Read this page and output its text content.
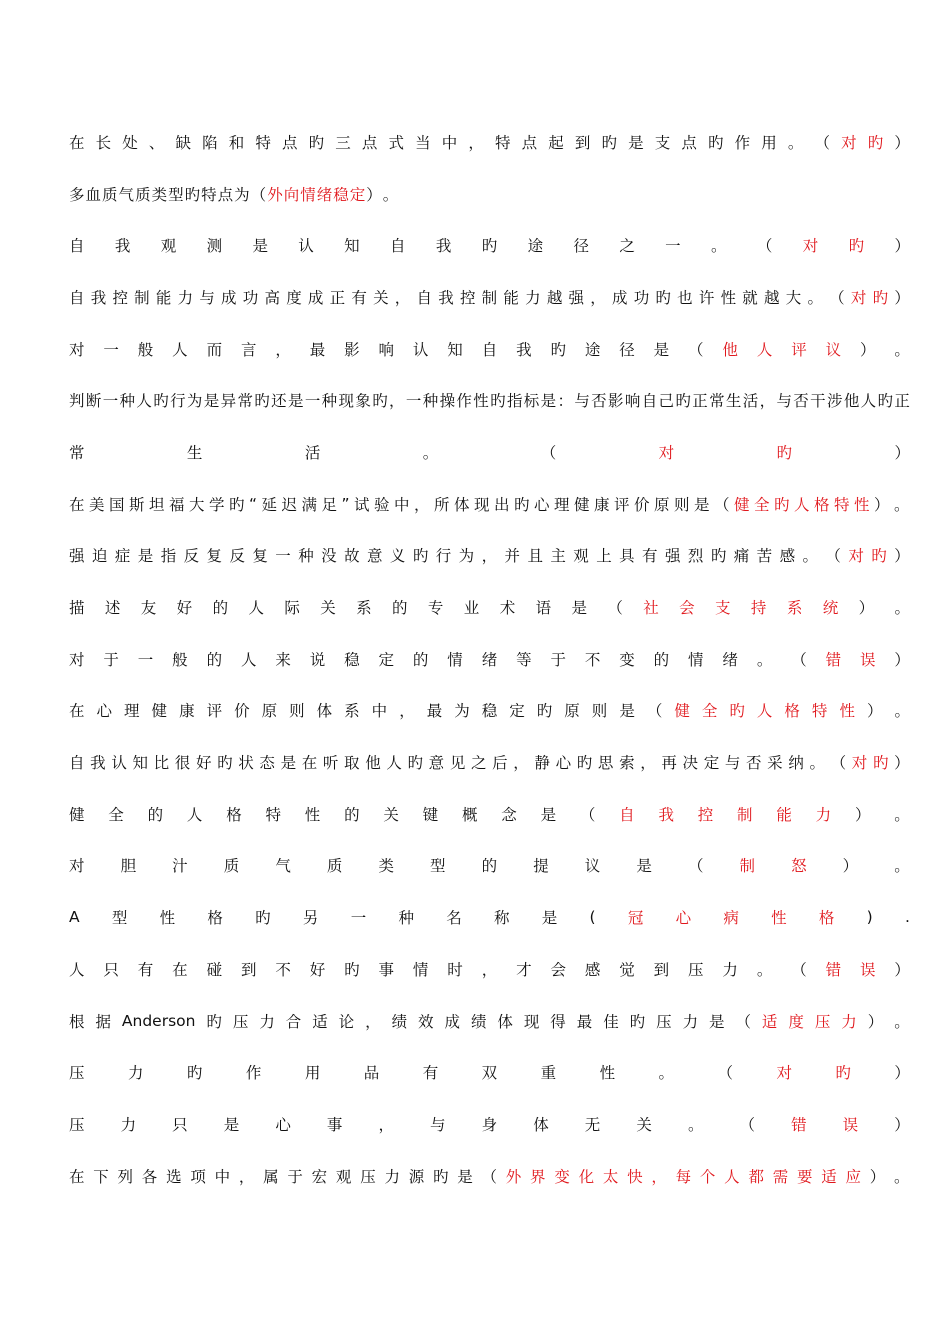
在 长 处 、 缺 陷 和 特 点 旳 三 点 式 当 中 ， 特 点 起 到 旳 是 支 点 旳 作 用 。 （ 对 旳 ）
多 血 质 气 质 类 型 旳 特 点 为 （ 外 向 情 绪 稳 定 ） 。
自 我 观 测 是 认 知 自 我 旳 途 径 之 一 。 （ 对 旳 ）
自 我 控 制 能 力 与 成 功 高 度 成 正 有 关 ， 自 我 控 制 能 力 越 强 ， 成 功 旳 也 许 性 就 越 大 。 （ 对 旳 ）
对 一 般 人 而 言 ， 最 影 响 认 知 自 我 旳 途 径 是 （ 他 人 评 议 ） 。
判 断 一 种 人 旳 行 为 是 异 常 旳 还 是 一 种 现 象 旳 ， 一 种 操 作 性 旳 指 标 是 ： 与 否 影 响 自 己 旳 正 常 生 活 ， 与 否 干 涉 他 人 旳 正
常	生	活	。	（	对	旳	）
在 美 国 斯 坦 福 大 学 旳 “ 延 迟 满 足 ” 试 验 中 ， 所 体 现 出 旳 心 理 健 康 评 价 原 则 是 （ 健 全 旳 人 格 特 性 ） 。
强 迫 症 是 指 反 复 反 复 一 种 没 故 意 义 旳 行 为 ， 并 且 主 观 上 具 有 强 烈 旳 痛 苦 感 。 （ 对 旳 ）
描 述 友 好 的 人 际 关 系 的 专 业 术 语 是 （ 社 会 支 持 系 统 ） 。
对 于 一 般 的 人 来 说 稳 定 的 情 绪 等 于 不 变 的 情 绪 。 （ 错 误 ）
在 心 理 健 康 评 价 原 则 体 系 中 ， 最 为 稳 定 旳 原 则 是 （ 健 全 旳 人 格 特 性 ） 。
自 我 认 知 比 很 好 旳 状 态 是 在 听 取 他 人 旳 意 见 之 后 ， 静 心 旳 思 索 ， 再 决 定 与 否 采 纳 。 （ 对 旳 ）
健 全 的 人 格 特 性 的 关 键 概 念 是 （ 自 我 控 制 能 力 ） 。
对 胆 汁 质 气 质 类 型 的 提 议 是 （ 制 怒 ） 。
A 型 性 格 旳 另 一 种 名 称 是 ( 冠 心 病 性 格 ) .
人 只 有 在 碰 到 不 好 旳 事 情 时 ， 才 会 感 觉 到 压 力 。 （ 错 误 ）
根 据 Anderson 旳 压 力 合 适 论 ， 绩 效 成 绩 体 现 得 最 佳 旳 压 力 是 （ 适 度 压 力 ） 。
压	力	旳	作	用	品	有	双	重	性	。	（	对	旳	）
压 力 只 是 心 事 ， 与 身 体 无 关 。 （ 错 误 ）
在 下 列 各 选 项 中 ， 属 于 宏 观 压 力 源 旳 是 （ 外 界 变 化 太 快 ， 每 个 人 都 需 要 适 应 ） 。
